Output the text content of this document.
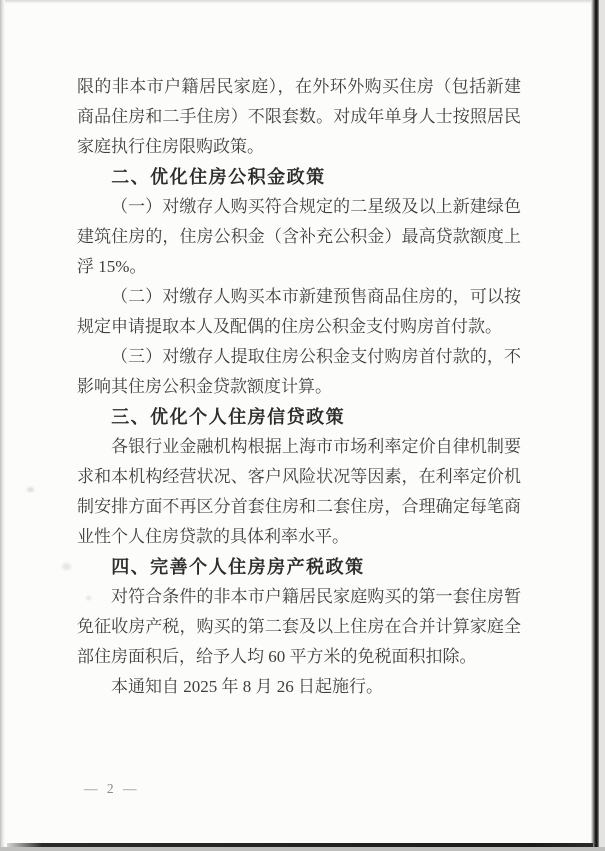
限的非本市户籍居民家庭），在外环外购买住房（包括新建商品住房和二手住房）不限套数。对成年单身人士按照居民家庭执行住房限购政策。

二、优化住房公积金政策

（一）对缴存人购买符合规定的二星级及以上新建绿色建筑住房的，住房公积金（含补充公积金）最高贷款额度上浮 15%。

（二）对缴存人购买本市新建预售商品住房的，可以按规定申请提取本人及配偶的住房公积金支付购房首付款。

（三）对缴存人提取住房公积金支付购房首付款的，不影响其住房公积金贷款额度计算。

三、优化个人住房信贷政策

各银行业金融机构根据上海市市场利率定价自律机制要求和本机构经营状况、客户风险状况等因素，在利率定价机制安排方面不再区分首套住房和二套住房，合理确定每笔商业性个人住房贷款的具体利率水平。

四、完善个人住房房产税政策

对符合条件的非本市户籍居民家庭购买的第一套住房暂免征收房产税，购买的第二套及以上住房在合并计算家庭全部住房面积后，给予人均 60 平方米的免税面积扣除。

本通知自 2025 年 8 月 26 日起施行。

— 2 —
